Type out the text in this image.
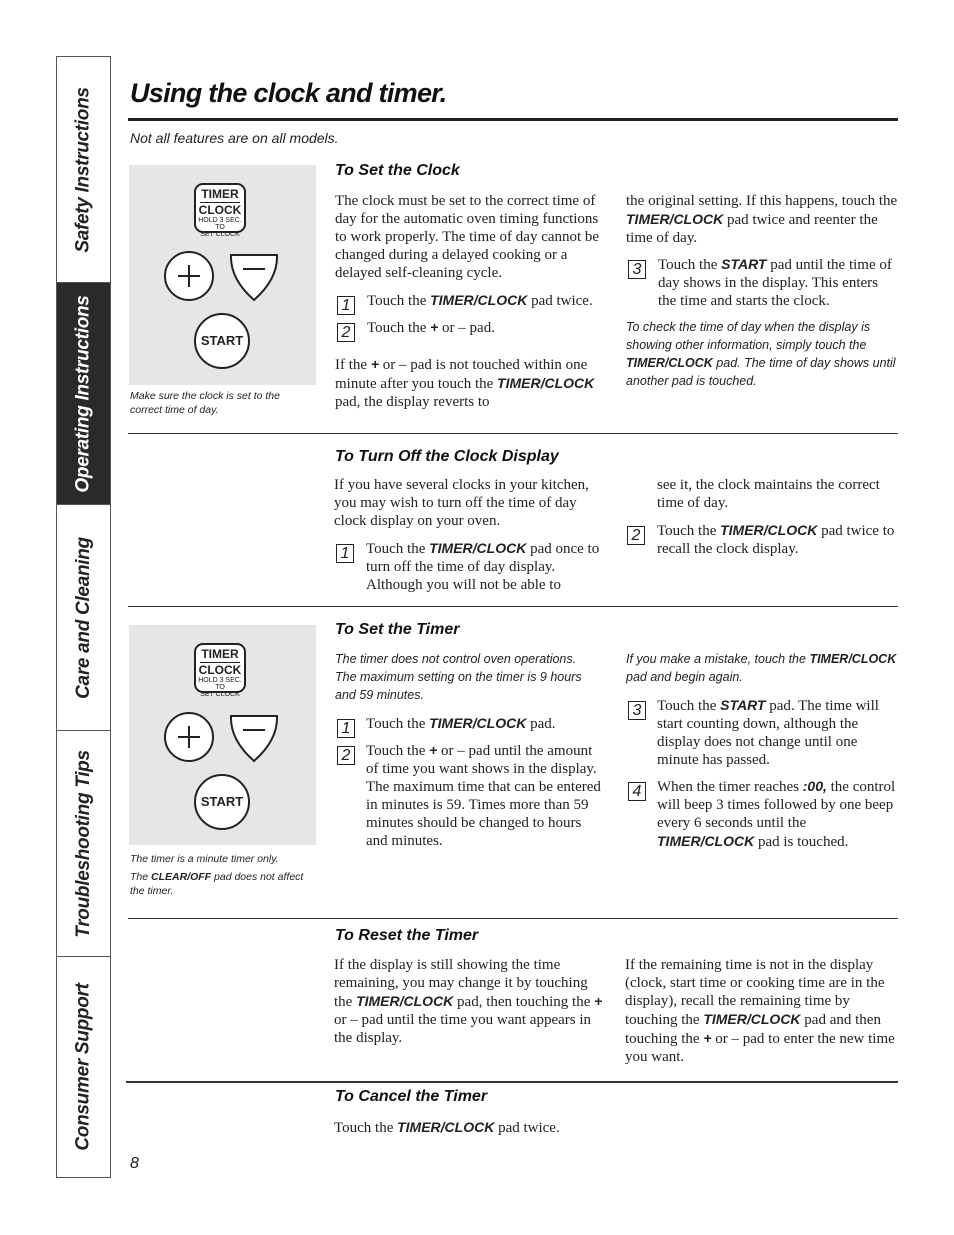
Safety Instructions
Operating Instructions
Care and Cleaning
Troubleshooting Tips
Consumer Support
Using the clock and timer.
Not all features are on all models.
TIMER
CLOCK
HOLD 3 SEC. TO
SET CLOCK
START
Make sure the clock is set to the correct time of day.
To Set the Clock
The clock must be set to the correct time of day for the automatic oven timing functions to work properly. The time of day cannot be changed during a delayed cooking or a delayed self-cleaning cycle.
1	Touch the TIMER/CLOCK pad twice.
2	Touch the + or – pad.
If the + or – pad is not touched within one minute after you touch the TIMER/CLOCK pad, the display reverts to
the original setting. If this happens, touch the TIMER/CLOCK pad twice and reenter the time of day.
3	Touch the START pad until the time of day shows in the display. This enters the time and starts the clock.
To check the time of day when the display is showing other information, simply touch the TIMER/CLOCK pad. The time of day shows until another pad is touched.
To Turn Off the Clock Display
If you have several clocks in your kitchen, you may wish to turn off the time of day clock display on your oven.
1	Touch the TIMER/CLOCK pad once to turn off the time of day display. Although you will not be able to
see it, the clock maintains the correct time of day.
2	Touch the TIMER/CLOCK pad twice to recall the clock display.
TIMER
CLOCK
HOLD 3 SEC. TO
SET CLOCK
START
The timer is a minute timer only.
The CLEAR/OFF pad does not affect the timer.
To Set the Timer
The timer does not control oven operations. The maximum setting on the timer is 9 hours and 59 minutes.
1	Touch the TIMER/CLOCK pad.
2	Touch the + or – pad until the amount of time you want shows in the display. The maximum time that can be entered in minutes is 59. Times more than 59 minutes should be changed to hours and minutes.
If you make a mistake, touch the TIMER/CLOCK pad and begin again.
3	Touch the START pad. The time will start counting down, although the display does not change until one minute has passed.
4	When the timer reaches :00, the control will beep 3 times followed by one beep every 6 seconds until the TIMER/CLOCK pad is touched.
To Reset the Timer
If the display is still showing the time remaining, you may change it by touching the TIMER/CLOCK pad, then touching the + or – pad until the time you want appears in the display.
If the remaining time is not in the display (clock, start time or cooking time are in the display), recall the remaining time by touching the TIMER/CLOCK pad and then touching the + or – pad to enter the new time you want.
To Cancel the Timer
Touch the TIMER/CLOCK pad twice.
8
